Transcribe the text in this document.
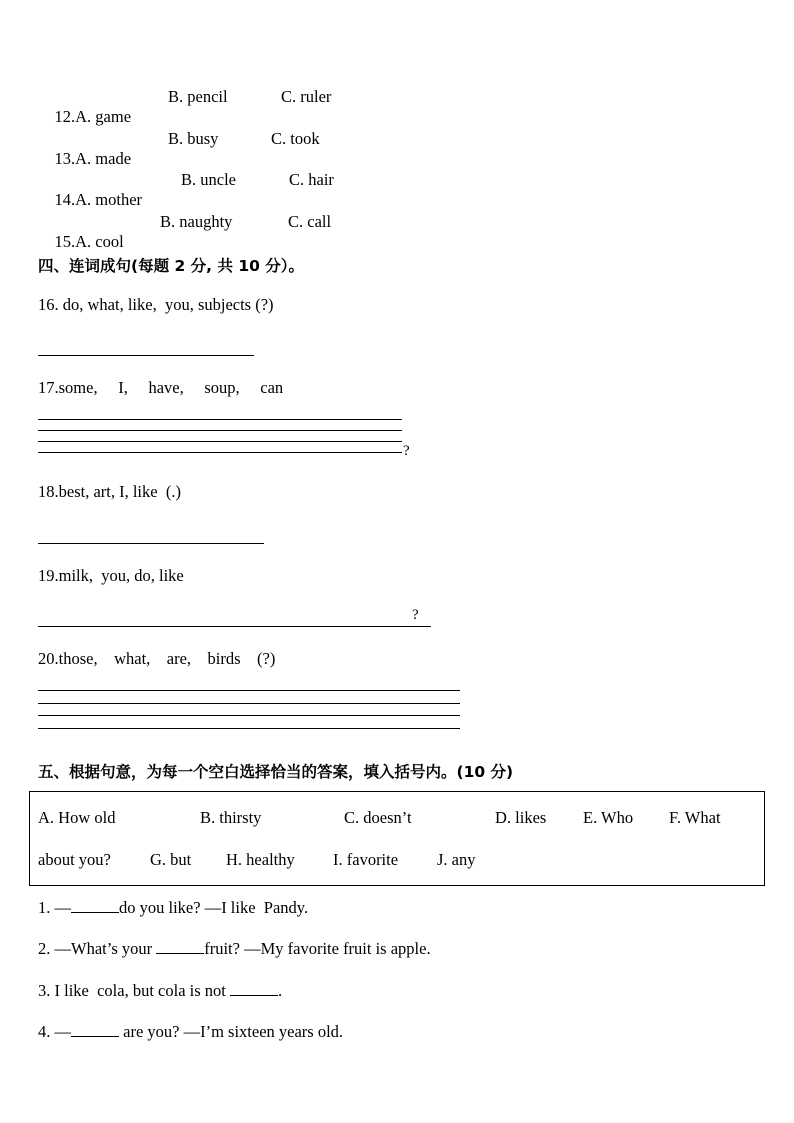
12.A. game

B. pencil	C. ruler

13.A. made

B. busy	C. took

14.A. mother

B. uncle	C. hair

15.A. cool

B. naughty	C. call
四、连词成句(每题 2 分, 共 10 分）。
16. do, what, like,  you, subjects (?)
17.some,     I,     have,     soup,     can
?
18.best, art, I, like  (.)
19.milk,  you, do, like
?
20.those,    what,    are,    birds    (?)
五、根据句意，为每一个空白选择恰当的答案，填入括号内。(10 分)
A. How old	B. thirsty	C. doesn’t	D. likes E. Who F. What
about you? G. but H. healthy I. favorite J. any
1. —	do you like? —I like  Pandy.
2. —What’s your	fruit? —My favorite fruit is apple.
3. I like  cola, but cola is not	.
4. —	are you? —I’m sixteen years old.
